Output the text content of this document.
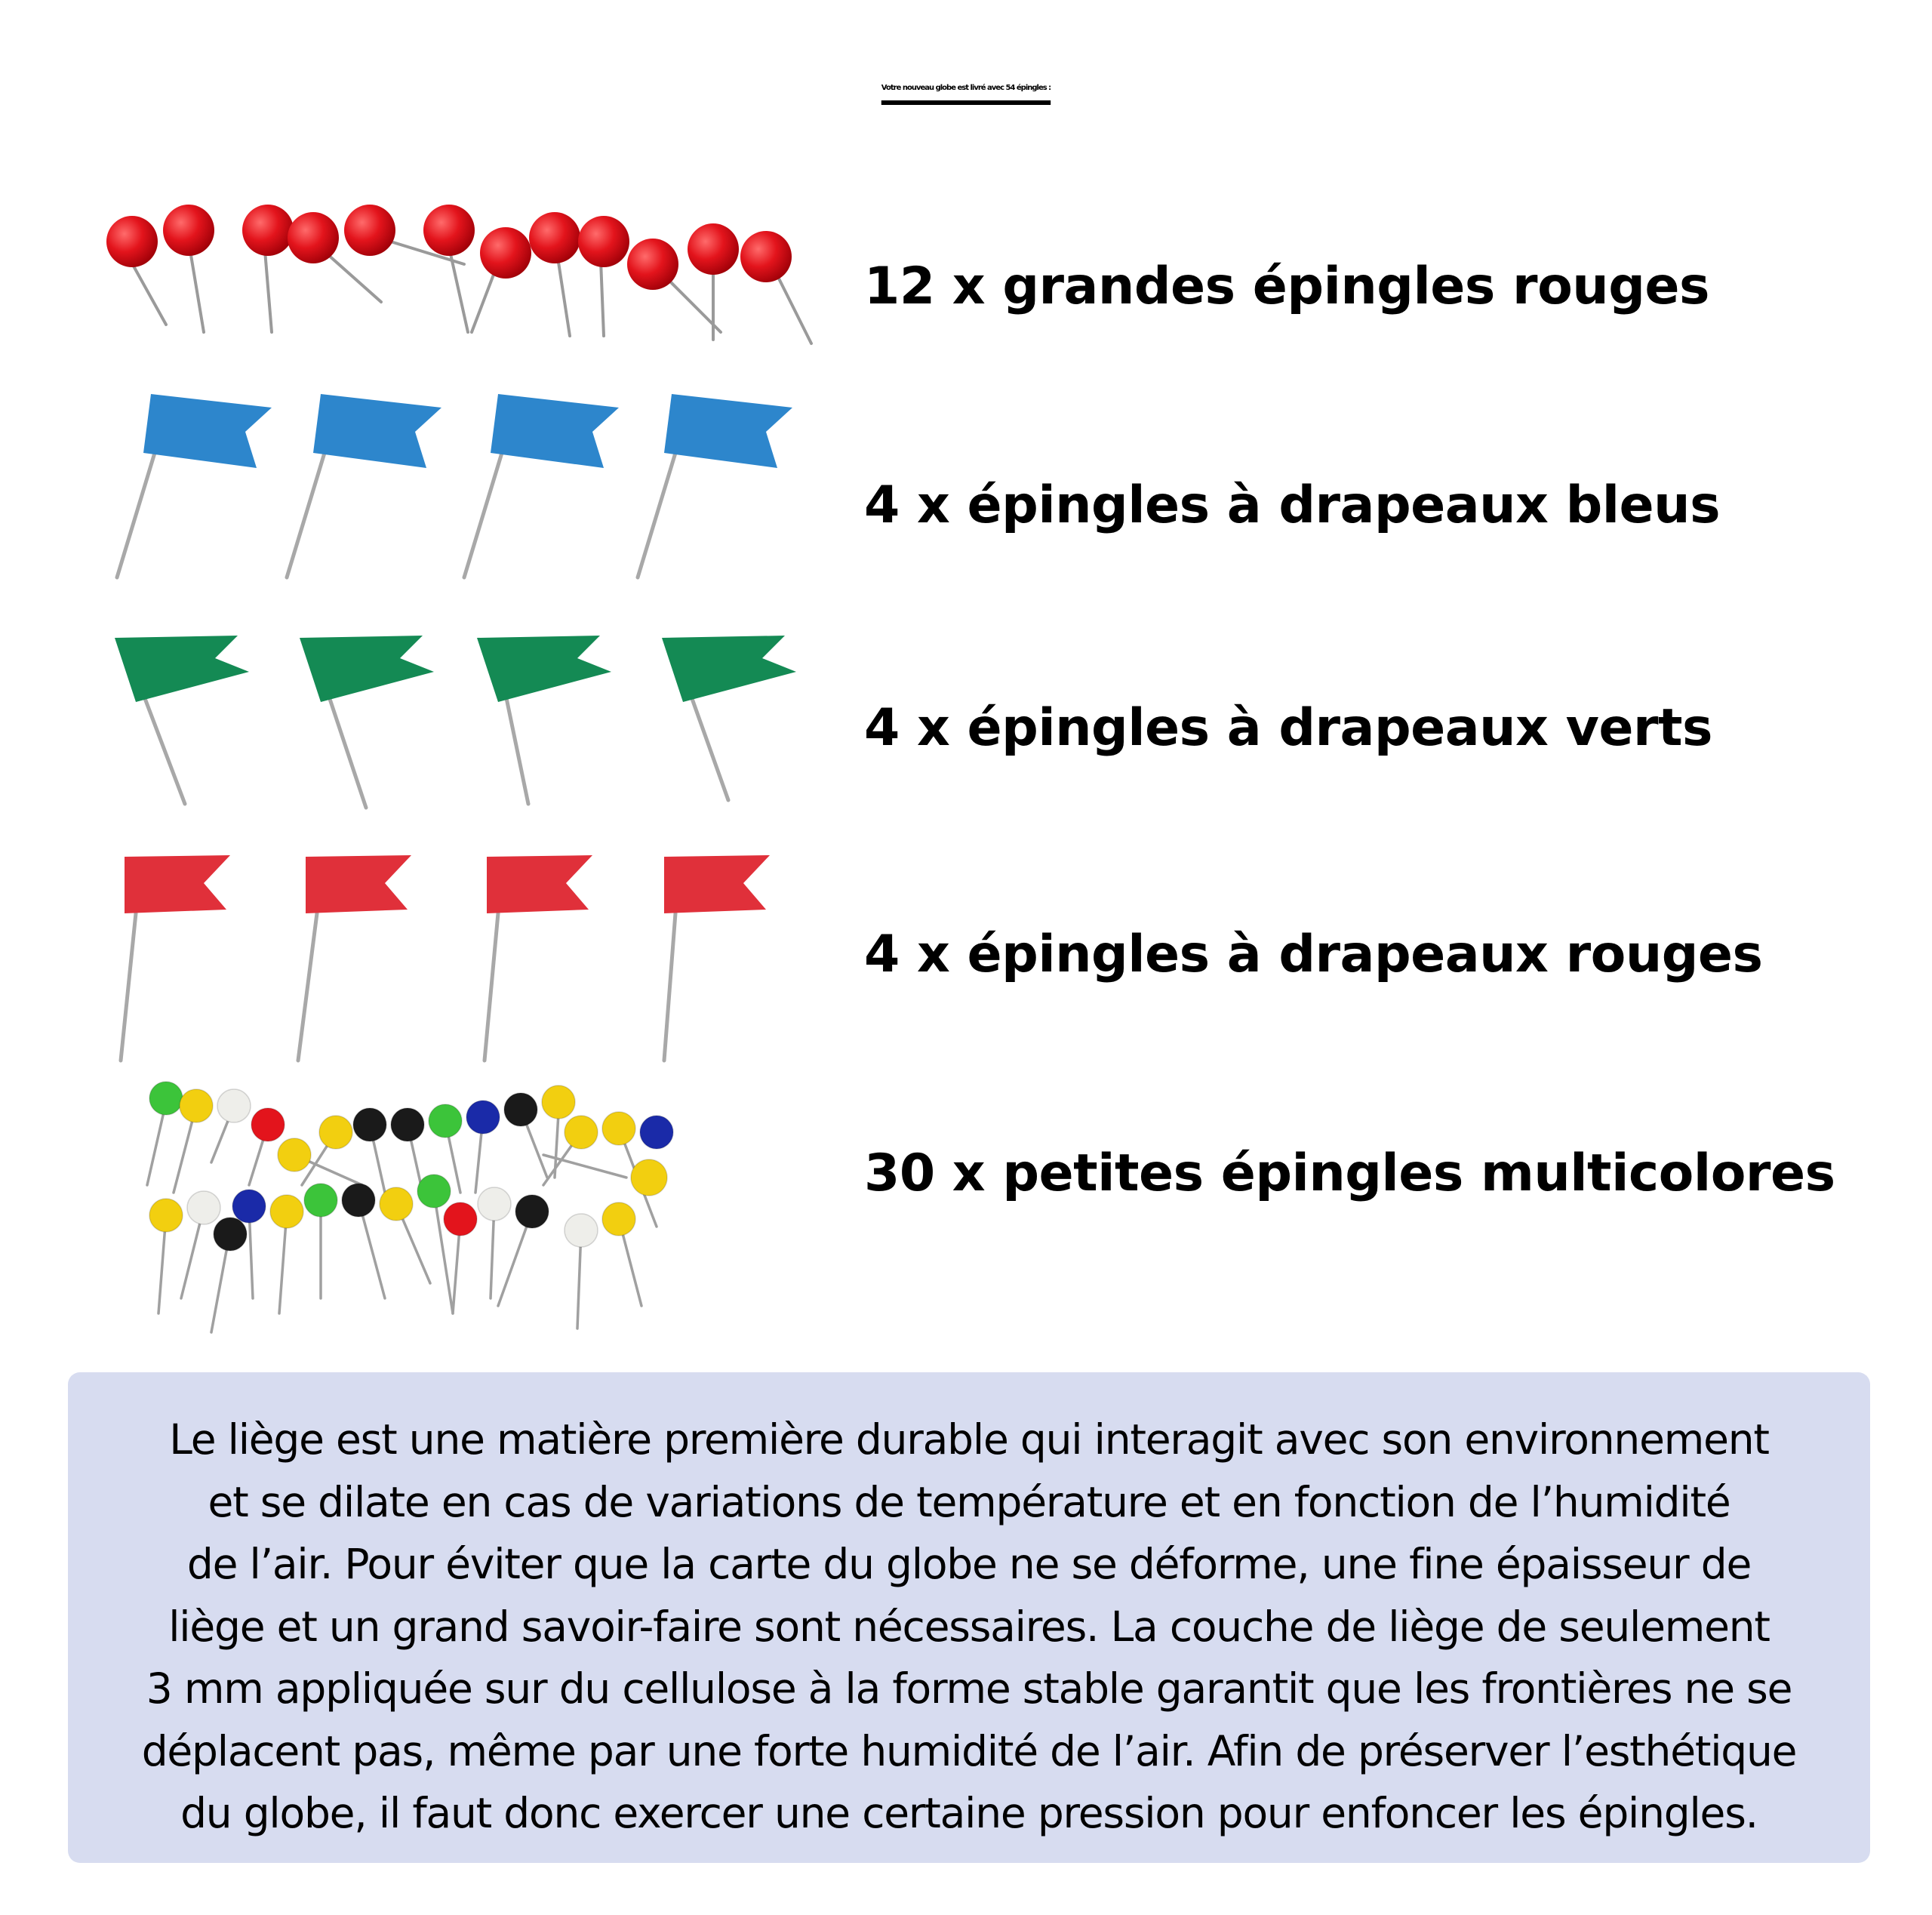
Votre nouveau globe est livré avec 54 épingles :
12 x grandes épingles rouges
4 x épingles à drapeaux bleus
4 x épingles à drapeaux verts
4 x épingles à drapeaux rouges
30 x petites épingles multicolores

Le liège est une matière première durable qui interagit avec son environnement
et se dilate en cas de variations de température et en fonction de l’humidité
de l’air. Pour éviter que la carte du globe ne se déforme, une fine épaisseur de
liège et un grand savoir-faire sont nécessaires. La couche de liège de seulement
3 mm appliquée sur du cellulose à la forme stable garantit que les frontières ne se
déplacent pas, même par une forte humidité de l’air. Afin de préserver l’esthétique
du globe, il faut donc exercer une certaine pression pour enfoncer les épingles.
